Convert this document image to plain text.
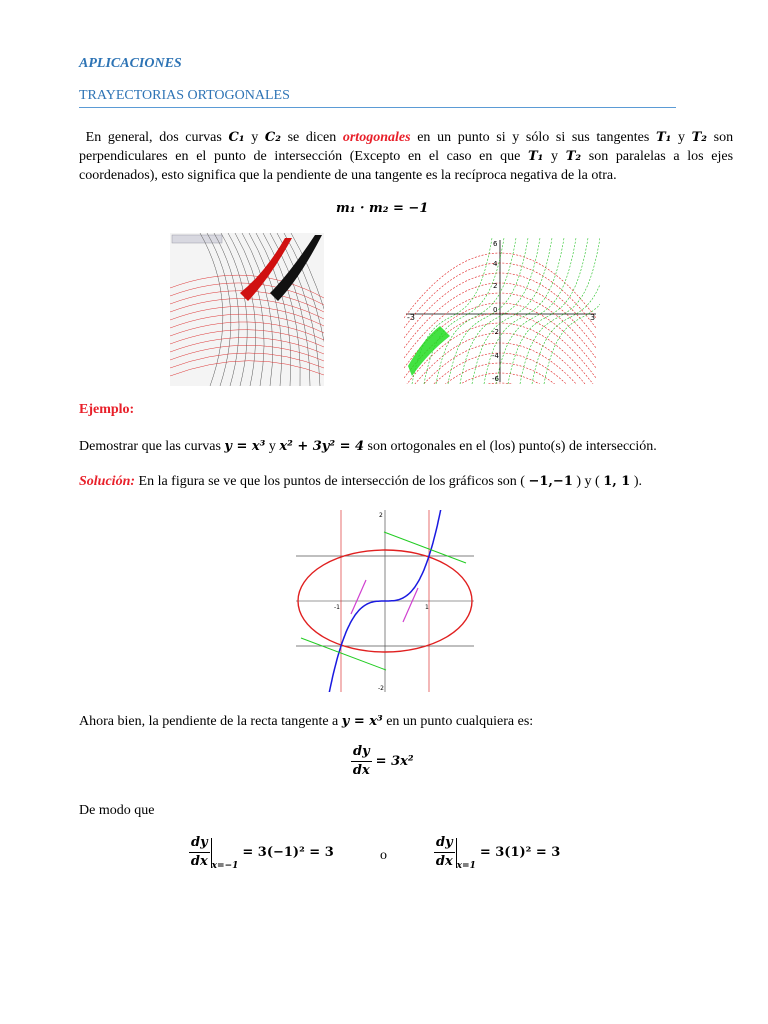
APLICACIONES
TRAYECTORIAS ORTOGONALES
En general, dos curvas C₁ y C₂ se dicen ortogonales en un punto si y sólo si sus tangentes T₁ y T₂ son perpendiculares en el punto de intersección (Excepto en el caso en que T₁ y T₂ son paralelas a los ejes coordenados), esto significa que la pendiente de una tangente es la recíproca negativa de la otra.
m₁ · m₂ = −1
-3	3
6
4
2
0
-2
-4
-6
Ejemplo:
Demostrar que las curvas y = x³ y x² + 3y² = 4 son ortogonales en el (los) punto(s) de intersección.
Solución: En la figura se ve que los puntos de intersección de los gráficos son ( −1,−1 ) y ( 1, 1 ).
2
-2
1
-1
Ahora bien, la pendiente de la recta tangente a y = x³ en un punto cualquiera es:
$\frac{dy}{dx} = 3x^2$
De modo que
$\frac{dy}{dx} _{x=-1} = 3(-1)^2 = 3$	o	$\frac{dy}{dx} _{x=1} = 3(1)^2 = 3$
